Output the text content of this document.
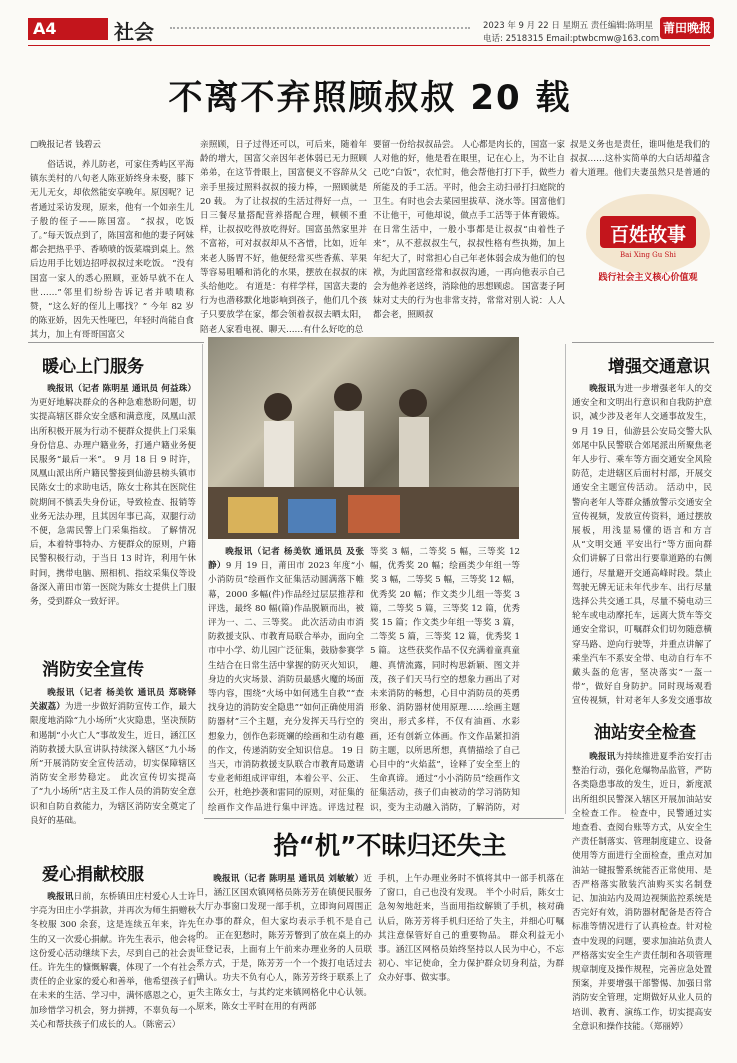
A4	社会	2023 年 9 月 22 日 星期五 责任编辑:陈明星
电话: 2518315 Email:ptwbcmw@163.com
莆田晚报
不离不弃照顾叔叔 20 载
□晚报记者 钱碧云
俗话说，养儿防老，可家住秀屿区平海镇东美村的八旬老人陈亚娇终身未娶，膝下无儿无女，却依然能安享晚年。原因呢？记者通过采访发现，原来，他有一个如亲生儿子般的侄子——陈国富。 “叔叔，吃饭了。”每天饭点到了，陈国富和他的妻子阿妹都会把热乎乎、香喷喷的饭菜端到桌上。然后边用手比划边招呼叔叔过来吃饭。 “没有国富一家人的悉心照顾，亚娇早就不在人世……”邻里们纷纷告诉记者并啧啧称赞，“这么好的侄儿上哪找？” 今年 82 岁的陈亚娇，因先天性哑巴，年轻时尚能自食其力，加上有哥哥国富父
亲照顾，日子过得还可以，可后来，随着年龄的增大，国富父亲因年老体弱已无力照顾弟弟，在这节骨眼上，国富便义不容辞从父亲手里接过照料叔叔的接力棒，一照顾就是 20 载。 为了让叔叔的生活过得好一点，一日三餐尽量搭配营养搭配合理，顿顿不重样，让叔叔吃得放吃得好。国富虽然家里并不富裕，可对叔叔却从不吝惜，比如，近年来老人肠胃不好，他便经常买些香蕉、苹果等容易咀嚼和消化的水果，摆放在叔叔的床头给他吃。 有道是：有样学样，国富夫妻的行为也潜移默化地影响到孩子，他们几个孩子只要放学在家，都会领着叔叔去晒太阳，陪老人家看电视、聊天……有什么好吃的总
要留一份给叔叔品尝。 人心都是肉长的，国富一家人对他的好，他是看在眼里，记在心上，为不让自己吃“白饭”，农忙时，他会帮他打打下手，做些力所能及的手工活。平时，他会主动扫帚打扫庭院的卫生。有时也会去菜园里拔草、浇水等。国富他们不让他干，可他却说，做点手工活等于体育锻炼。 在日常生活中，一般小事都是让叔叔“由着性子来”，从不惹叔叔生气，叔叔性格有些执拗，加上年纪大了，时常担心自己年老体弱会成为他们的包袱，为此国富经常和叔叔沟通，一再向他表示自己会为他养老送终，消除他的思想顾虑。 国富妻子阿妹对丈夫的行为也非常支持，常常对别人说：人人都会老，照顾叔
叔是义务也是责任，谁叫他是我们的叔叔……这朴实简单的大白话却蕴含着大道理。他们夫妻虽然只是普通的
百姓故事
Bai Xing Gu Shi
践行社会主义核心价值观
暖心上门服务
晚报讯（记者 陈明星 通讯员 何益珠）为更好地解决群众的各种急难愁盼问题，切实提高辖区群众安全感和满意度，凤凰山派出所积极开展为行动不便群众提供上门采集身份信息、办理户籍业务，打通户籍业务便民服务“最后一米”。 9 月 18 日 9 时许，凤凰山派出所户籍民警接到仙游县榜头镇市民陈女士的求助电话，陈女士称其在医院住院期间不慎丢失身份证，导致检查、报销等业务无法办理，且其因年事已高，双腿行动不便，急需民警上门采集指纹。 了解情况后，本着特事特办、方便群众的原则，户籍民警积极行动，于当日 13 时许，利用午休时间，携带电脑、照相机、指纹采集仪等设备深入莆田市第一医院为陈女士提供上门服务，受到群众一致好评。
消防安全宣传
晚报讯（记者 杨美钦 通讯员 郑晓铎 关淑荔）为进一步做好消防宣传工作，最大限度地消除“九小场所”火灾隐患，坚决预防和遏制“小火亡人”事故发生，近日，涵江区消防救援大队宣讲队持续深入辖区“九小场所”开展消防安全宣传活动，切实保障辖区消防安全形势稳定。 此次宣传切实提高了“九小场所”店主及工作人员的消防安全意识和自防自救能力，为辖区消防安全奠定了良好的基础。
爱心捐献校服
晚报讯日前，东桥镇田庄村爱心人士许宇亮为田庄小学捐款，并再次为师生捐赠秋冬校服 300 余套，这是连续五年来，许先生的又一次爱心捐献。许先生表示，他会将这份爱心活动继续下去，尽到自己的社会责任。许先生的慷慨解囊，体现了一个有社会责任的企业家的爱心和善举，他希望孩子们在未来的生活、学习中，满怀感恩之心，更加珍惜学习机会，努力拼搏，不辜负每一个关心和帮扶孩子们成长的人。（陈密云）
晚报讯（记者 杨美钦 通讯员 及张静）9 月 19 日，莆田市 2023 年度“小小消防员”绘画作文征集活动圆满落下帷幕，2000 多幅(件)作品经过层层推荐和评选，最终 80 幅(篇)作品脱颖而出，被评为一、二、三等奖。 此次活动由市消防救援支队、市教育局联合举办，面向全市中小学、幼儿园广泛征集，鼓励参赛学生结合在日常生活中掌握的防灭火知识，身边的火灾场景、消防员最感火魔的场面等内容，围绕“火场中如何逃生自救”“查找身边的消防安全隐患”“如何正确使用消防器材”三个主题，充分发挥天马行空的想象力，创作色彩斑斓的绘画和生动有趣的作文，传递消防安全知识信息。 19 日当天，市消防救援支队联合市教育局邀请专业老师组成评审组，本着公平、公正、公开，杜绝抄袭和雷同的原则，对征集的绘画作文作品进行集中评选。评选过程
等奖 3 幅，二等奖 5 幅，三等奖 12 幅，优秀奖 20 幅；绘画类少年组一等奖 3 幅，二等奖 5 幅，三等奖 12 幅，优秀奖 20 幅；作文类少儿组一等奖 3 篇，二等奖 5 篇，三等奖 12 篇，优秀奖 15 篇；作文类少年组一等奖 3 篇，二等奖 5 篇，三等奖 12 篇，优秀奖 15 篇。 这些获奖作品不仅充满着童真童趣、真情流露，同时构思新颖、图文并茂，孩子们天马行空的想象力画出了对未来消防的畅想，心目中消防员的英勇形象、消防器材使用原理……绘画主题突出，形式多样，不仅有油画、水彩画，还有创新立体画。作文作品紧扣消防主题，以所思所想，真情描绘了自己心目中的“火焰蓝”，诠释了安全至上的生命真谛。 通过“小小消防员”绘画作文征集活动，孩子们由被动的学习消防知识，变为主动融入消防，了解消防，对
增强交通意识
晚报讯为进一步增强老年人的交通安全和文明出行意识和自我防护意识，减少涉及老年人交通事故发生，9 月 19 日，仙游县公安局交警大队郊尾中队民警联合郊尾派出所聚焦老年人步行、乘车等方面交通安全风险防范，走进辖区后面村村部，开展交通安全主题宣传活动。 活动中，民警向老年人等群众播放警示交通安全宣传视频，发放宣传资料，通过摆放展板，用浅显易懂的语言和方言从“文明交通 平安出行”等方面向群众们讲解了日常出行要靠道路的右侧通行，尽量避开交通高峰时段。禁止驾驶无牌无证未年代步车、出行尽量选择公共交通工具，尽量不骑电动三轮车或电动摩托车，远离大货车等交通安全常识，叮嘱群众们切勿随意横穿马路、逆向行驶等，并重点讲解了乘坐汽车不系安全带、电动自行车不戴头盔的危害，坚决落实“一盔一带”，做好自身防护。同时现场观看宣传视频，针对老年人多发交通事故
油站安全检查
晚报讯为持续推进夏季治安打击整治行动，强化危爆物品监管，严防各类隐患事故的发生，近日，新度派出所组织民警深入辖区开展加油站安全检查工作。 检查中，民警通过实地查看、查阅台账等方式，从安全生产责任制落实、管理制度建立、设备使用等方面进行全面检查，重点对加油站一键报警系统能否正常使用、是否严格落实散装汽油购买实名制登记、加油站内及周边视频监控系统是否完好有效，消防器材配备是否符合标准等情况进行了认真检查。针对检查中发现的问题，要求加油站负责人严格落实安全生产责任制和各项管理规章制度及操作规程，完善应急处置预案，并要增强干部警惕、加强日常消防安全管理，定期做好从业人员的培训、教育、演练工作，切实提高安全意识和操作技能。（郑丽婷）
拾“机”不昧归还失主
晚报讯（记者 陈明星 通讯员 刘敏敏）近日，涵江区国欢镇网格员陈芳芳在镇便民服务大厅办事窗口发现一部手机，立即询问周围正在办事的群众，但大家均表示手机不是自己的。 正在犯愁时，陈芳芳瞥到了放在桌上的办证登记表，上面有上午前来办理业务的人员联系方式，于是，陈芳芳一个一个拨打电话过去确认。功夫不负有心人，陈芳芳终于联系上了失主陈女士，与其约定来镇网格化中心认领。原来，陈女士平时在用的有两部
手机，上午办理业务时不慎将其中一部手机落在了窗口，自己也没有发现。 半个小时后，陈女士急匆匆地赶来，当面用指纹解锁了手机，核对确认后，陈芳芳将手机归还给了失主，并细心叮嘱其注意保管好自己的重要物品。 群众利益无小事。涵江区网格员始终坚持以人民为中心，不忘初心、牢记使命，全力保护群众切身利益，为群众办好事、做实事。
